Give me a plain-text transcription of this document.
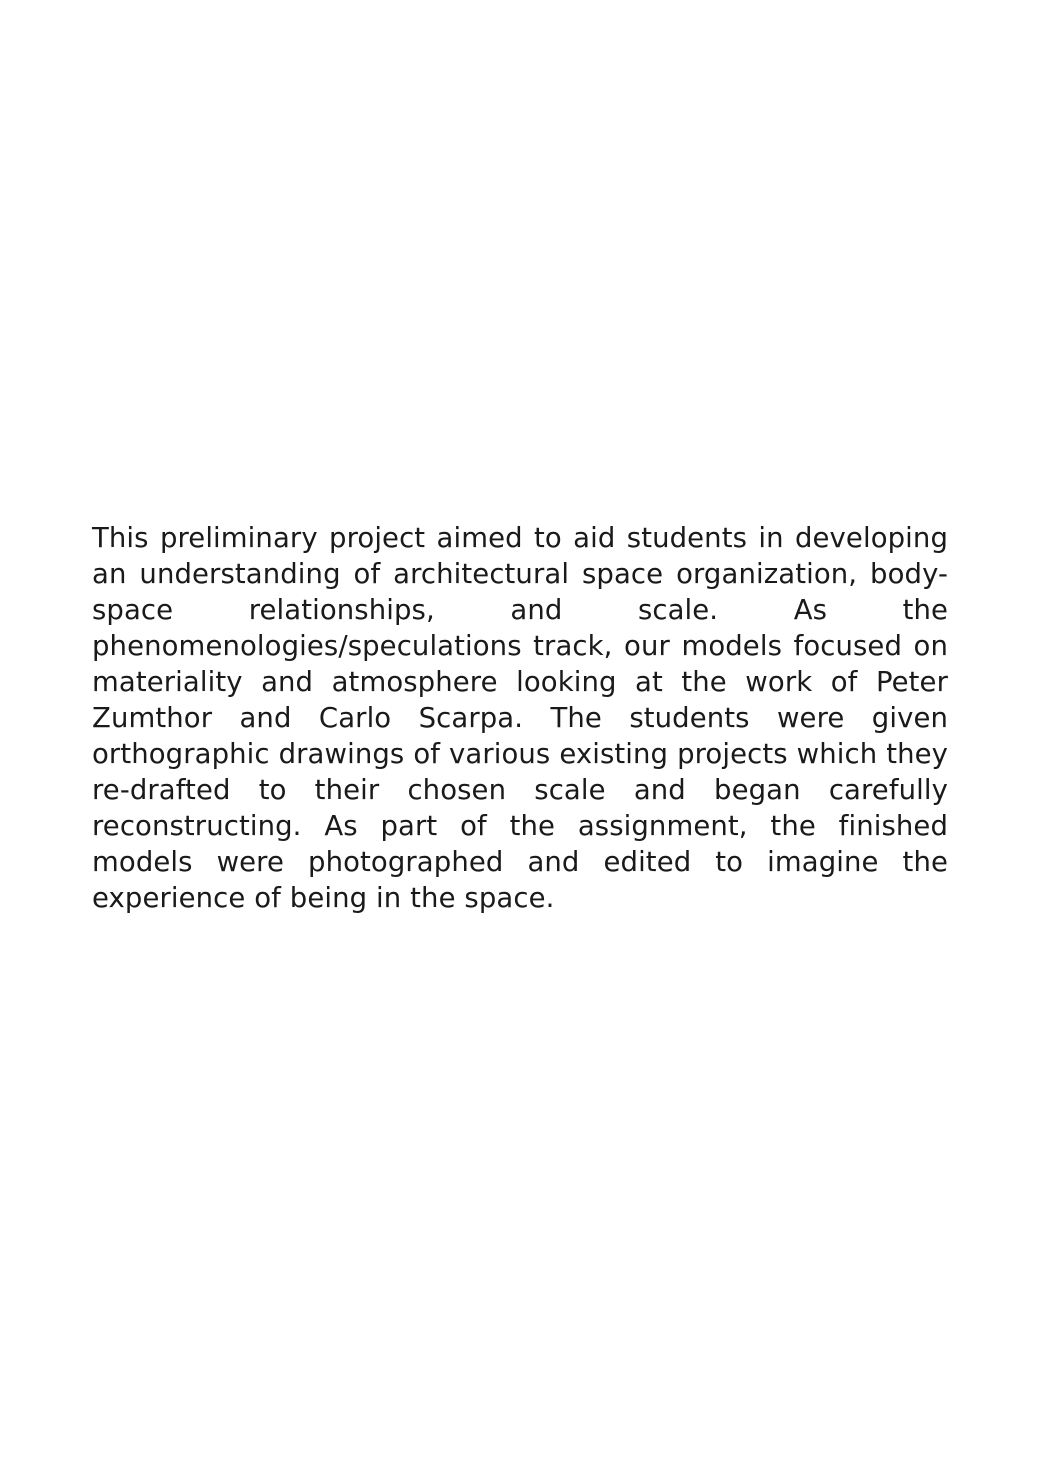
This preliminary project aimed to aid students in developing an understanding of architectural space organization, body-space relationships, and scale. As the phenomenologies/speculations track, our models focused on materiality and atmosphere looking at the work of Peter Zumthor and Carlo Scarpa. The students were given orthographic drawings of various existing projects which they re-drafted to their chosen scale and began carefully reconstructing. As part of the assignment, the finished models were photographed and edited to imagine the experience of being in the space.
